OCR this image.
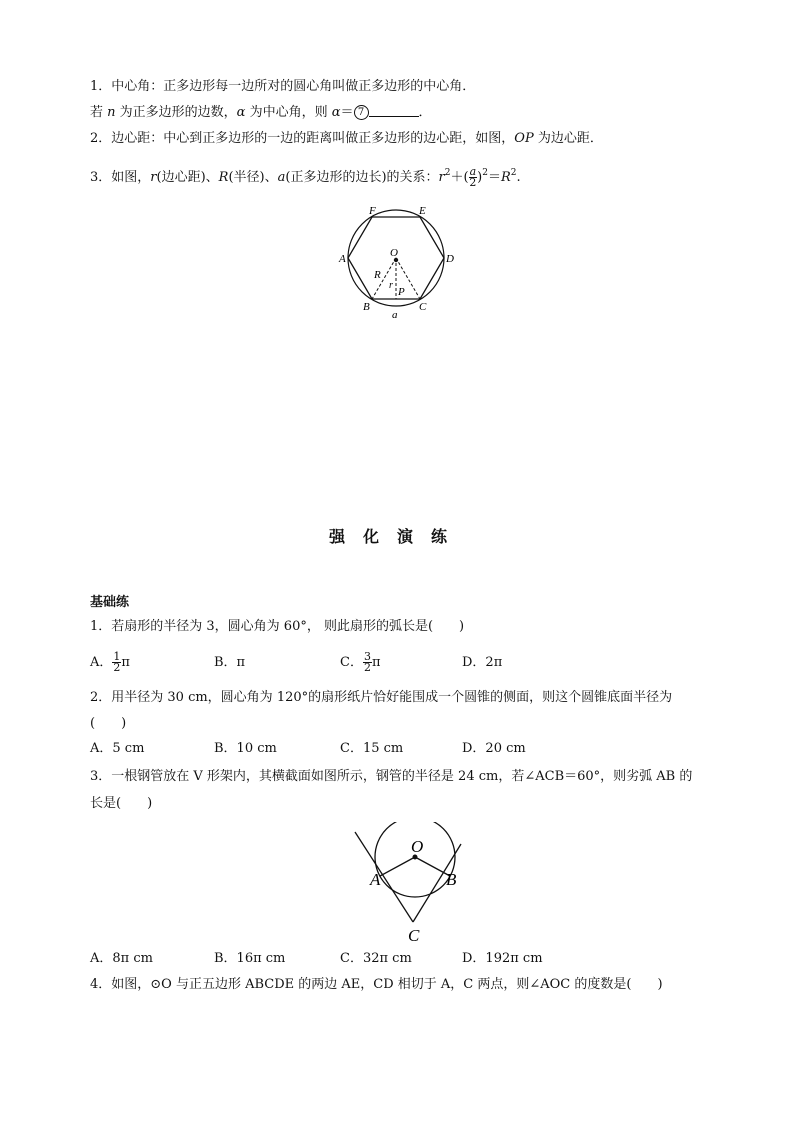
1．中心角：正多边形每一边所对的圆心角叫做正多边形的中心角．
若 n 为正多边形的边数，α 为中心角，则 α＝ 7	．
2．边心距：中心到正多边形的一边的距离叫做正多边形的边心距，如图，OP 为边心距．
3．如图，r(边心距)、R(半径)、a(正多边形的边长)的关系：$r^2+( \frac{a}{2} )^2=R^2$.
F	E
A	D
O
R
r
P
B	C
a
强化演练
基础练
1．若扇形的半径为 3，圆心角为 60°， 则此扇形的弧长是(　　)
A． $\frac{1}{2}$ π	B．π	C． $\frac{3}{2}$ π	D．2π
2．用半径为 30 cm，圆心角为 120°的扇形纸片恰好能围成一个圆锥的侧面，则这个圆锥底面半径为
(　　)
A．5 cm	B．10 cm	C．15 cm	D．20 cm
3．一根钢管放在 V 形架内，其横截面如图所示，钢管的半径是 24 cm，若∠ACB＝60°，则劣弧 AB 的
长是(　　)
O
A	B
C
A．8π cm	B．16π cm	C．32π cm	D．192π cm
4．如图，⊙O 与正五边形 ABCDE 的两边 AE，CD 相切于 A，C 两点，则∠AOC 的度数是(　　)
